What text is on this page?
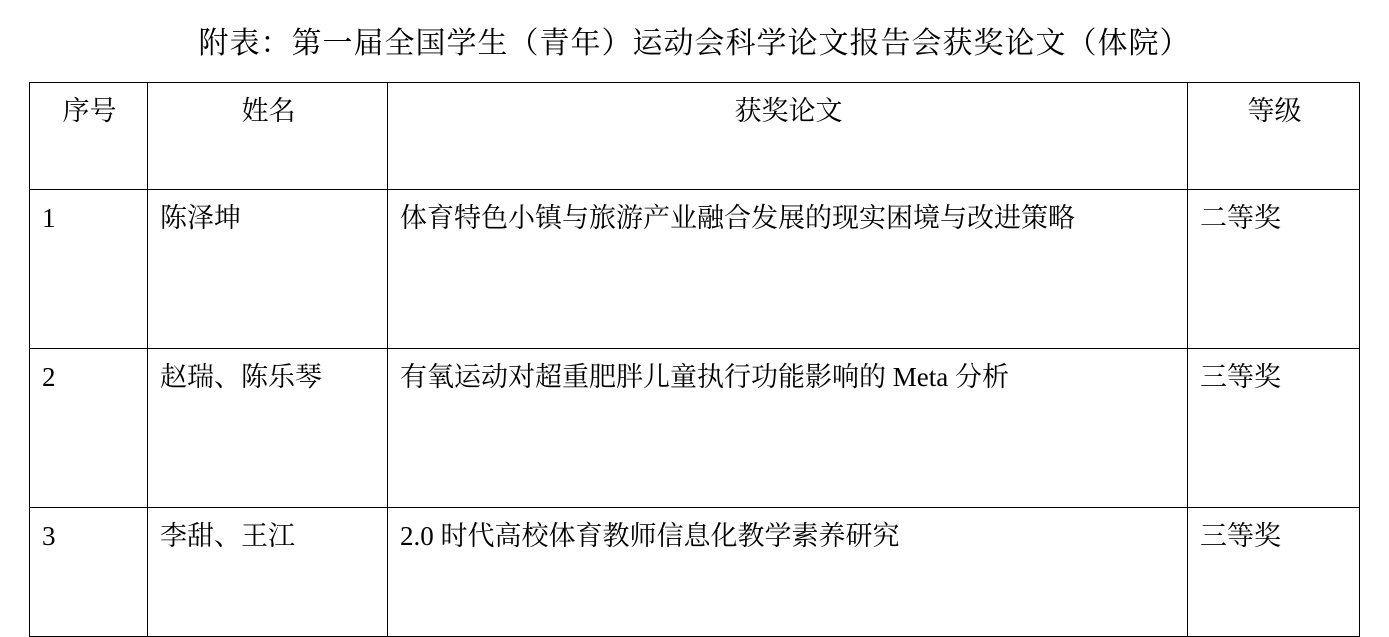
附表：第一届全国学生（青年）运动会科学论文报告会获奖论文（体院）
序号	姓名	获奖论文	等级
1	陈泽坤	体育特色小镇与旅游产业融合发展的现实困境与改进策略	二等奖
2	赵瑞、陈乐琴	有氧运动对超重肥胖儿童执行功能影响的 Meta 分析	三等奖
3	李甜、王江	2.0 时代高校体育教师信息化教学素养研究	三等奖
